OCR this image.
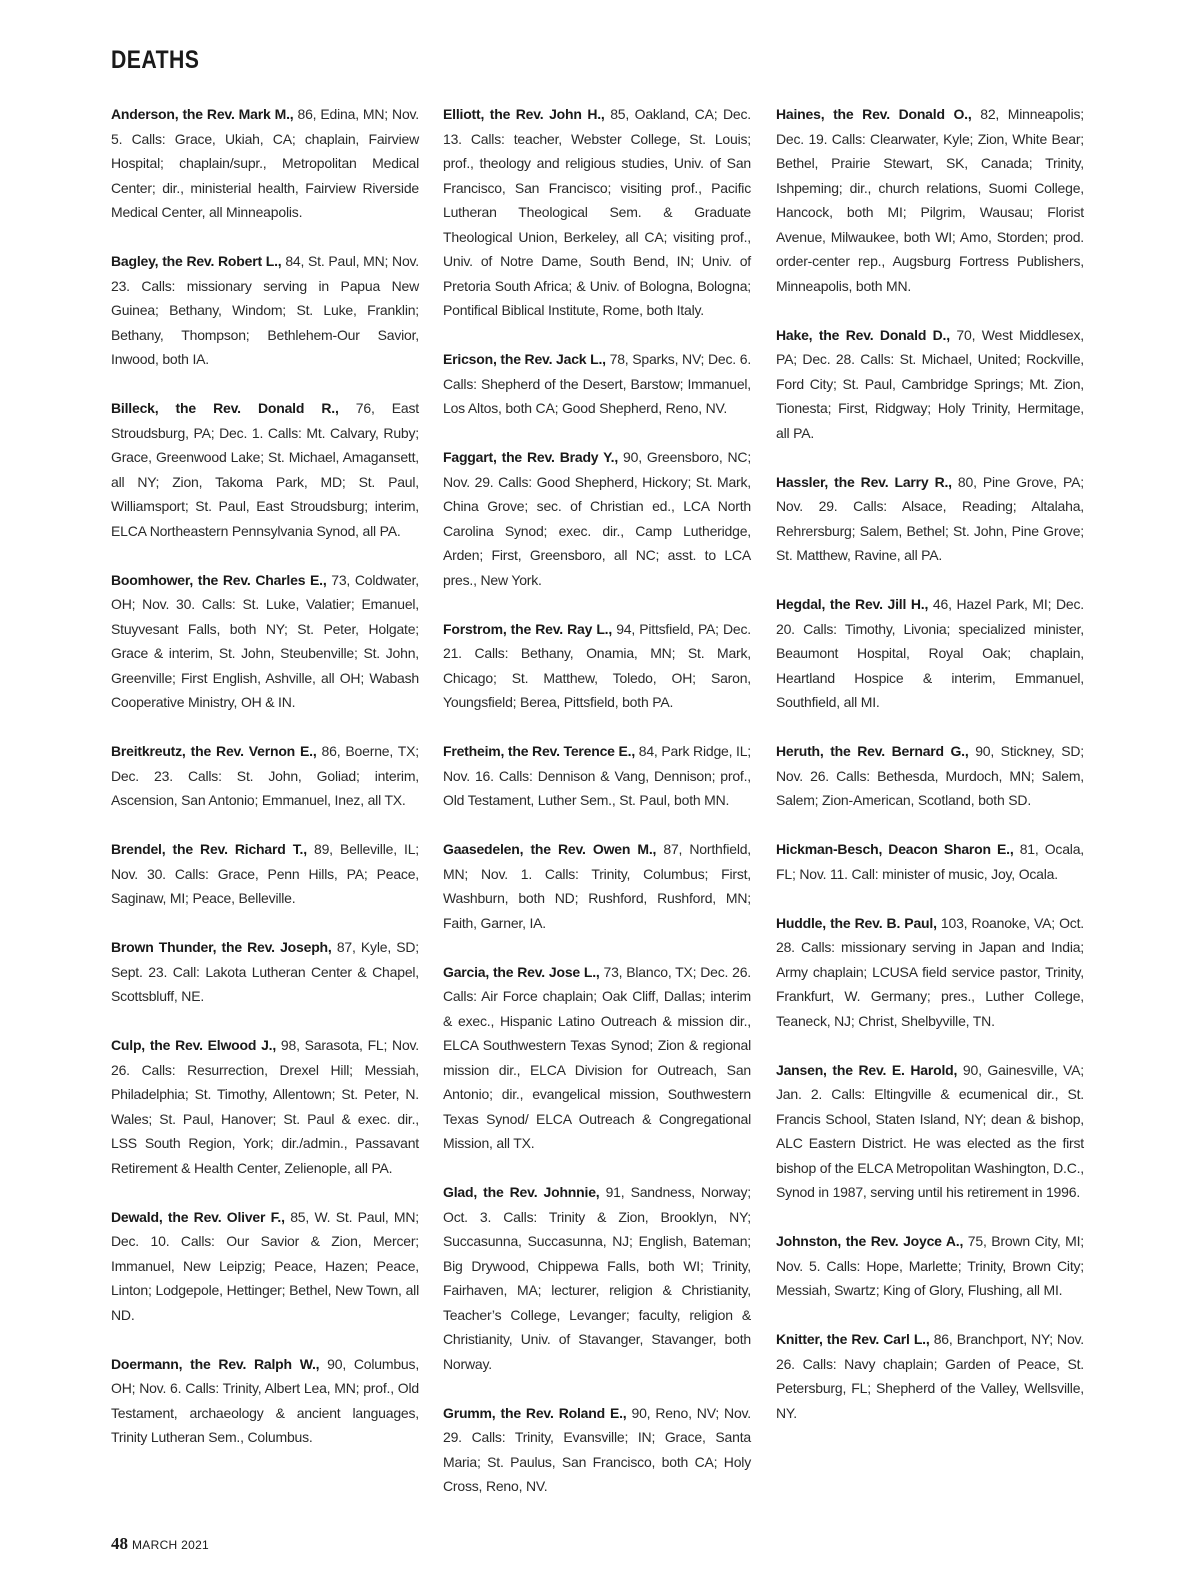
DEATHS

Anderson, the Rev. Mark M., 86, Edina, MN; Nov. 5. Calls: Grace, Ukiah, CA; chaplain, Fairview Hospital; chaplain/supr., Metropolitan Medical Center; dir., ministerial health, Fairview Riverside Medical Center, all Minneapolis.

Bagley, the Rev. Robert L., 84, St. Paul, MN; Nov. 23. Calls: missionary serving in Papua New Guinea; Bethany, Windom; St. Luke, Franklin; Bethany, Thompson; Bethlehem-Our Savior, Inwood, both IA.

Billeck, the Rev. Donald R., 76, East Stroudsburg, PA; Dec. 1. Calls: Mt. Calvary, Ruby; Grace, Greenwood Lake; St. Michael, Amagansett, all NY; Zion, Takoma Park, MD; St. Paul, Williamsport; St. Paul, East Stroudsburg; interim, ELCA Northeastern Pennsylvania Synod, all PA.

Boomhower, the Rev. Charles E., 73, Coldwater, OH; Nov. 30. Calls: St. Luke, Valatier; Emanuel, Stuyvesant Falls, both NY; St. Peter, Holgate; Grace & interim, St. John, Steubenville; St. John, Greenville; First English, Ashville, all OH; Wabash Cooperative Ministry, OH & IN.

Breitkreutz, the Rev. Vernon E., 86, Boerne, TX; Dec. 23. Calls: St. John, Goliad; interim, Ascension, San Antonio; Emmanuel, Inez, all TX.

Brendel, the Rev. Richard T., 89, Belleville, IL; Nov. 30. Calls: Grace, Penn Hills, PA; Peace, Saginaw, MI; Peace, Belleville.

Brown Thunder, the Rev. Joseph, 87, Kyle, SD; Sept. 23. Call: Lakota Lutheran Center & Chapel, Scottsbluff, NE.

Culp, the Rev. Elwood J., 98, Sarasota, FL; Nov. 26. Calls: Resurrection, Drexel Hill; Messiah, Philadelphia; St. Timothy, Allentown; St. Peter, N. Wales; St. Paul, Hanover; St. Paul & exec. dir., LSS South Region, York; dir./admin., Passavant Retirement & Health Center, Zelienople, all PA.

Dewald, the Rev. Oliver F., 85, W. St. Paul, MN; Dec. 10. Calls: Our Savior & Zion, Mercer; Immanuel, New Leipzig; Peace, Hazen; Peace, Linton; Lodgepole, Hettinger; Bethel, New Town, all ND.

Doermann, the Rev. Ralph W., 90, Columbus, OH; Nov. 6. Calls: Trinity, Albert Lea, MN; prof., Old Testament, archaeology & ancient languages, Trinity Lutheran Sem., Columbus.

Elliott, the Rev. John H., 85, Oakland, CA; Dec. 13. Calls: teacher, Webster College, St. Louis; prof., theology and religious studies, Univ. of San Francisco, San Francisco; visiting prof., Pacific Lutheran Theological Sem. & Graduate Theological Union, Berkeley, all CA; visiting prof., Univ. of Notre Dame, South Bend, IN; Univ. of Pretoria South Africa; & Univ. of Bologna, Bologna; Pontifical Biblical Institute, Rome, both Italy.

Ericson, the Rev. Jack L., 78, Sparks, NV; Dec. 6. Calls: Shepherd of the Desert, Barstow; Immanuel, Los Altos, both CA; Good Shepherd, Reno, NV.

Faggart, the Rev. Brady Y., 90, Greensboro, NC; Nov. 29. Calls: Good Shepherd, Hickory; St. Mark, China Grove; sec. of Christian ed., LCA North Carolina Synod; exec. dir., Camp Lutheridge, Arden; First, Greensboro, all NC; asst. to LCA pres., New York.

Forstrom, the Rev. Ray L., 94, Pittsfield, PA; Dec. 21. Calls: Bethany, Onamia, MN; St. Mark, Chicago; St. Matthew, Toledo, OH; Saron, Youngsfield; Berea, Pittsfield, both PA.

Fretheim, the Rev. Terence E., 84, Park Ridge, IL; Nov. 16. Calls: Dennison & Vang, Dennison; prof., Old Testament, Luther Sem., St. Paul, both MN.

Gaasedelen, the Rev. Owen M., 87, Northfield, MN; Nov. 1. Calls: Trinity, Columbus; First, Washburn, both ND; Rushford, Rushford, MN; Faith, Garner, IA.

Garcia, the Rev. Jose L., 73, Blanco, TX; Dec. 26. Calls: Air Force chaplain; Oak Cliff, Dallas; interim & exec., Hispanic Latino Outreach & mission dir., ELCA Southwestern Texas Synod; Zion & regional mission dir., ELCA Division for Outreach, San Antonio; dir., evangelical mission, Southwestern Texas Synod/ ELCA Outreach & Congregational Mission, all TX.

Glad, the Rev. Johnnie, 91, Sandness, Norway; Oct. 3. Calls: Trinity & Zion, Brooklyn, NY; Succasunna, Succasunna, NJ; English, Bateman; Big Drywood, Chippewa Falls, both WI; Trinity, Fairhaven, MA; lecturer, religion & Christianity, Teacher’s College, Levanger; faculty, religion & Christianity, Univ. of Stavanger, Stavanger, both Norway.

Grumm, the Rev. Roland E., 90, Reno, NV; Nov. 29. Calls: Trinity, Evansville; IN; Grace, Santa Maria; St. Paulus, San Francisco, both CA; Holy Cross, Reno, NV.

Haines, the Rev. Donald O., 82, Minneapolis; Dec. 19. Calls: Clearwater, Kyle; Zion, White Bear; Bethel, Prairie Stewart, SK, Canada; Trinity, Ishpeming; dir., church relations, Suomi College, Hancock, both MI; Pilgrim, Wausau; Florist Avenue, Milwaukee, both WI; Amo, Storden; prod. order-center rep., Augsburg Fortress Publishers, Minneapolis, both MN.

Hake, the Rev. Donald D., 70, West Middlesex, PA; Dec. 28. Calls: St. Michael, United; Rockville, Ford City; St. Paul, Cambridge Springs; Mt. Zion, Tionesta; First, Ridgway; Holy Trinity, Hermitage, all PA.

Hassler, the Rev. Larry R., 80, Pine Grove, PA; Nov. 29. Calls: Alsace, Reading; Altalaha, Rehrersburg; Salem, Bethel; St. John, Pine Grove; St. Matthew, Ravine, all PA.

Hegdal, the Rev. Jill H., 46, Hazel Park, MI; Dec. 20. Calls: Timothy, Livonia; specialized minister, Beaumont Hospital, Royal Oak; chaplain, Heartland Hospice & interim, Emmanuel, Southfield, all MI.

Heruth, the Rev. Bernard G., 90, Stickney, SD; Nov. 26. Calls: Bethesda, Murdoch, MN; Salem, Salem; Zion-American, Scotland, both SD.

Hickman-Besch, Deacon Sharon E., 81, Ocala, FL; Nov. 11. Call: minister of music, Joy, Ocala.

Huddle, the Rev. B. Paul, 103, Roanoke, VA; Oct. 28. Calls: missionary serving in Japan and India; Army chaplain; LCUSA field service pastor, Trinity, Frankfurt, W. Germany; pres., Luther College, Teaneck, NJ; Christ, Shelbyville, TN.

Jansen, the Rev. E. Harold, 90, Gainesville, VA; Jan. 2. Calls: Eltingville & ecumenical dir., St. Francis School, Staten Island, NY; dean & bishop, ALC Eastern District. He was elected as the first bishop of the ELCA Metropolitan Washington, D.C., Synod in 1987, serving until his retirement in 1996.

Johnston, the Rev. Joyce A., 75, Brown City, MI; Nov. 5. Calls: Hope, Marlette; Trinity, Brown City; Messiah, Swartz; King of Glory, Flushing, all MI.

Knitter, the Rev. Carl L., 86, Branchport, NY; Nov. 26. Calls: Navy chaplain; Garden of Peace, St. Petersburg, FL; Shepherd of the Valley, Wellsville, NY.

48 MARCH 2021
